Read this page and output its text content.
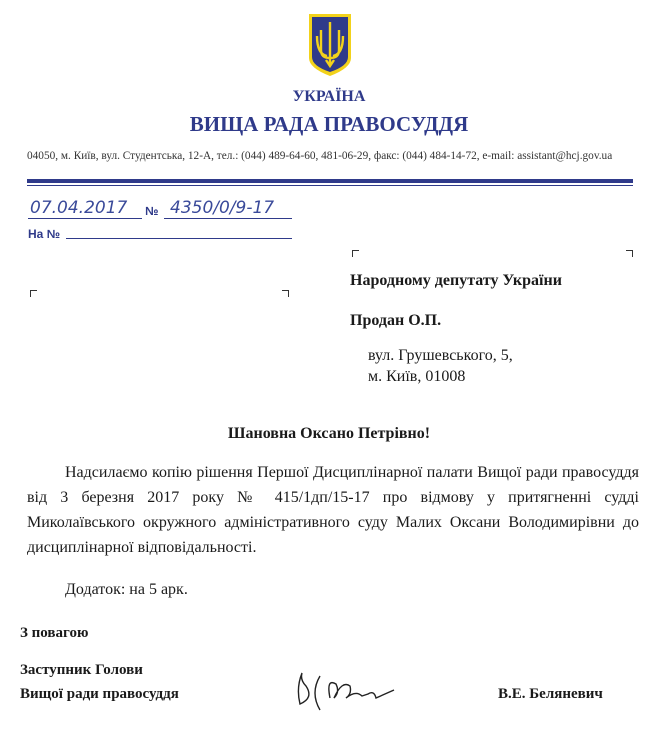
УКРАЇНА
ВИЩА РАДА ПРАВОСУДДЯ
04050, м. Київ, вул. Студентська, 12-А, тел.: (044) 489-64-60, 481-06-29, факс: (044) 484-14-72, e-mail: assistant@hcj.gov.ua
07.04.2017	№ 4350/0/9-17
На №
Народному депутату України
Продан О.П.
вул. Грушевського, 5,
м. Київ, 01008
Шановна Оксано Петрівно!
Надсилаємо копію рішення Першої Дисциплінарної палати Вищої ради правосуддя від 3 березня 2017 року № 415/1дп/15-17 про відмову у притягненні судді Миколаївського окружного адміністративного суду Малих Оксани Володимирівни до дисциплінарної відповідальності.
Додаток: на 5 арк.
З повагою
Заступник Голови
Вищої ради правосуддя	В.Е. Беляневич
